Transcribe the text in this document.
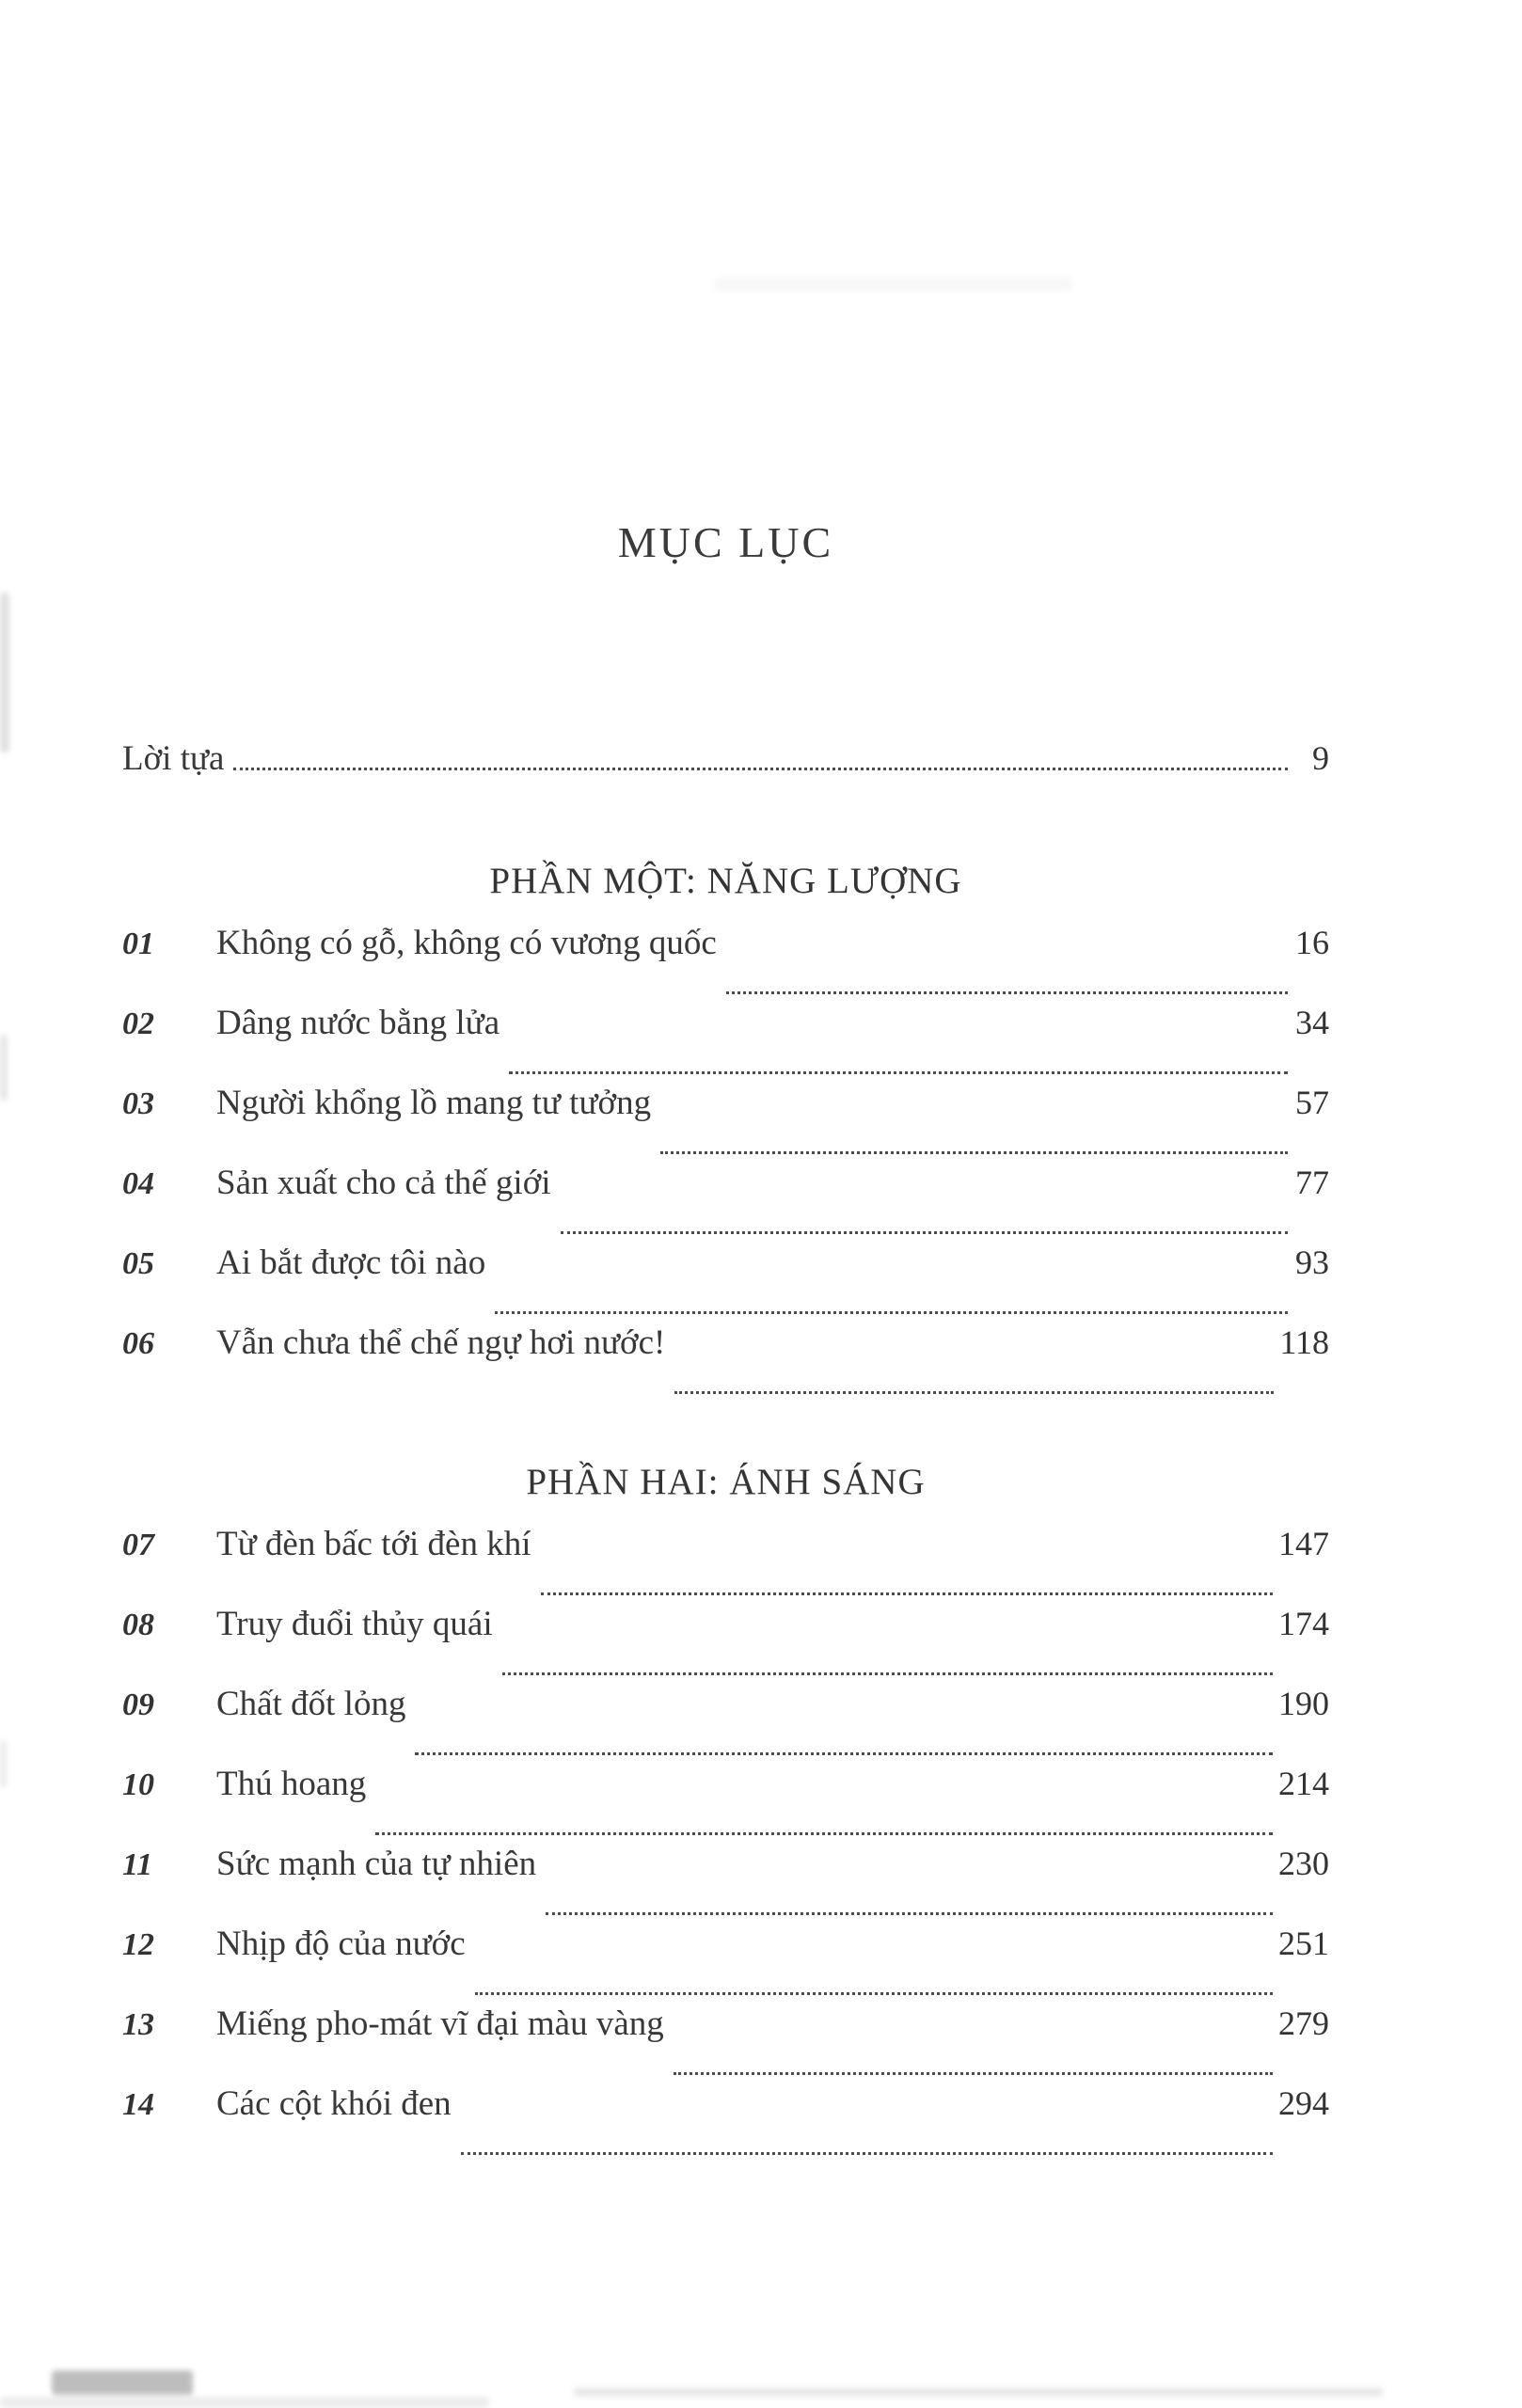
MỤC LỤC
Lời tựa	9
PHẦN MỘT: NĂNG LƯỢNG
01	Không có gỗ, không có vương quốc	16
02	Dâng nước bằng lửa	34
03	Người khổng lồ mang tư tưởng	57
04	Sản xuất cho cả thế giới	77
05	Ai bắt được tôi nào	93
06	Vẫn chưa thể chế ngự hơi nước!	118
PHẦN HAI: ÁNH SÁNG
07	Từ đèn bấc tới đèn khí	147
08	Truy đuổi thủy quái	174
09	Chất đốt lỏng	190
10	Thú hoang	214
11	Sức mạnh của tự nhiên	230
12	Nhịp độ của nước	251
13	Miếng pho-mát vĩ đại màu vàng	279
14	Các cột khói đen	294
